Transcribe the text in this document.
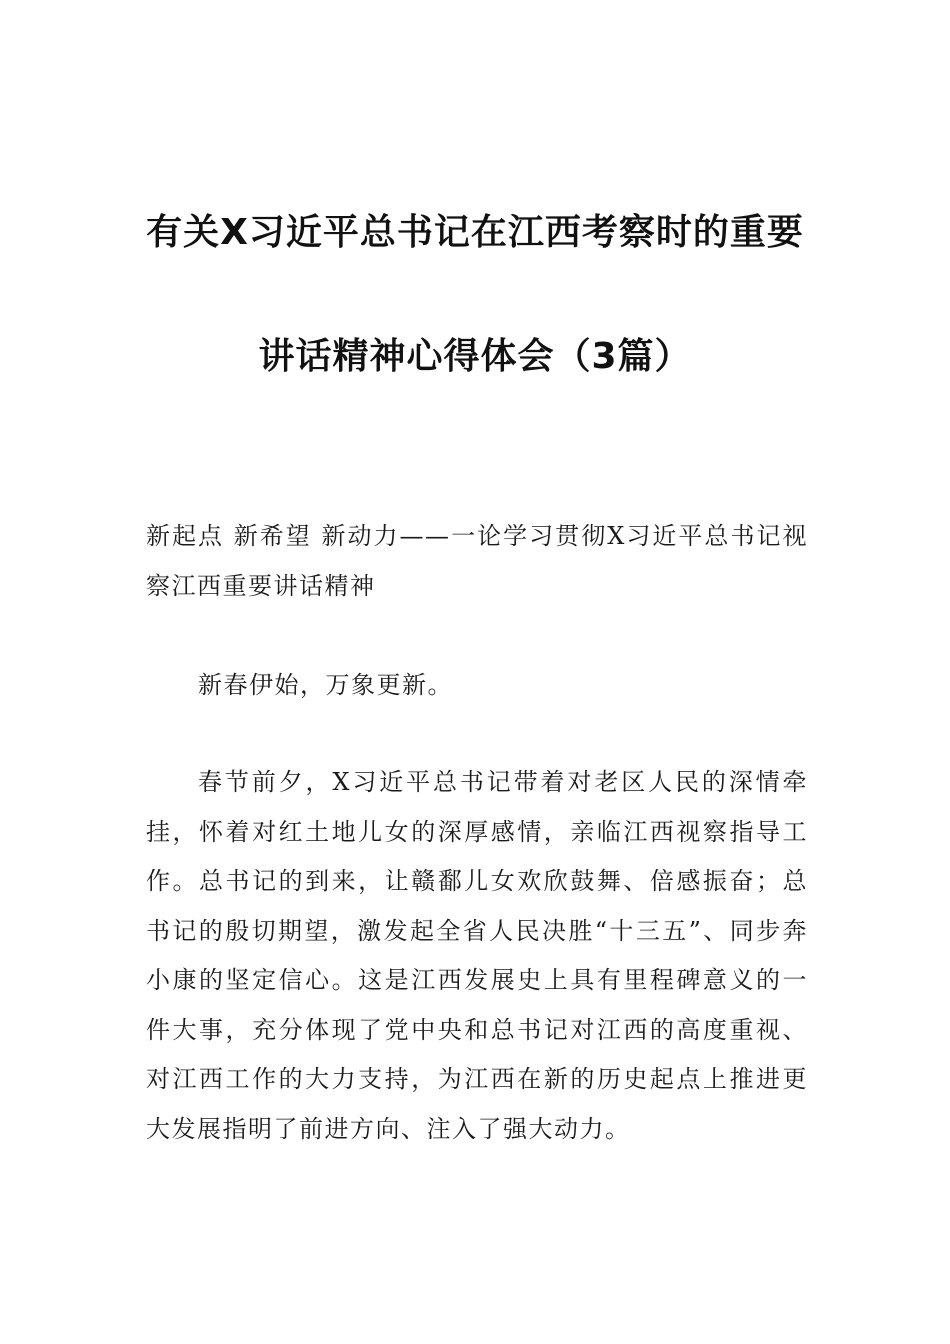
有关X习近平总书记在江西考察时的重要
讲话精神心得体会（3篇）
新起点 新希望 新动力——一论学习贯彻X习近平总书记视察江西重要讲话精神
新春伊始，万象更新。
春节前夕，X习近平总书记带着对老区人民的深情牵挂，怀着对红土地儿女的深厚感情，亲临江西视察指导工作。总书记的到来，让赣鄱儿女欢欣鼓舞、倍感振奋；总书记的殷切期望，激发起全省人民决胜“十三五”、同步奔小康的坚定信心。这是江西发展史上具有里程碑意义的一件大事，充分体现了党中央和总书记对江西的高度重视、对江西工作的大力支持，为江西在新的历史起点上推进更大发展指明了前进方向、注入了强大动力。
